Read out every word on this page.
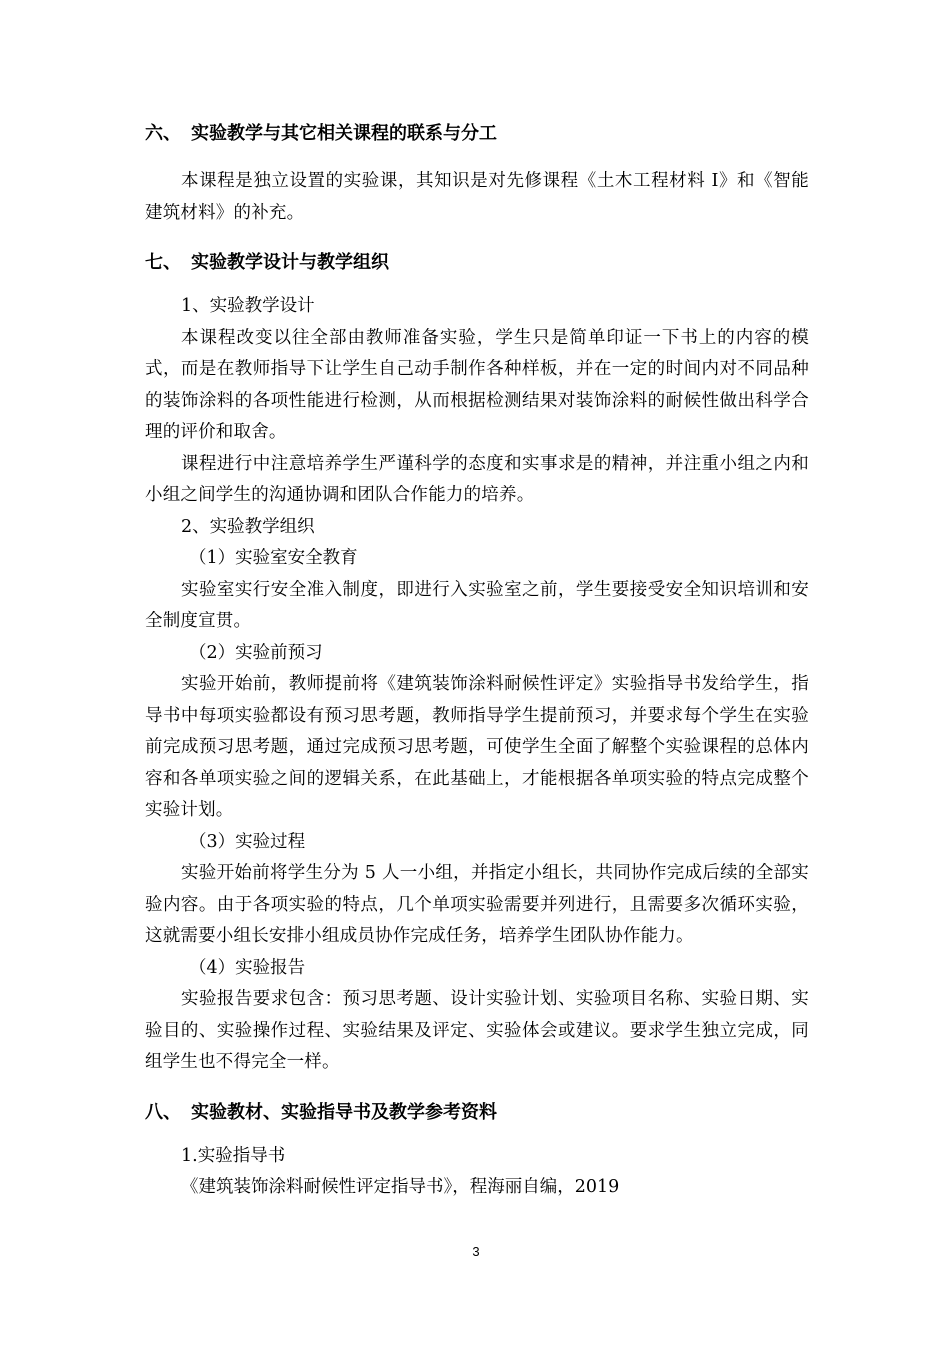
六、 实验教学与其它相关课程的联系与分工

本课程是独立设置的实验课，其知识是对先修课程《土木工程材料 I》和《智能建筑材料》的补充。

七、 实验教学设计与教学组织

1、实验教学设计

本课程改变以往全部由教师准备实验，学生只是简单印证一下书上的内容的模式，而是在教师指导下让学生自己动手制作各种样板，并在一定的时间内对不同品种的装饰涂料的各项性能进行检测，从而根据检测结果对装饰涂料的耐候性做出科学合理的评价和取舍。

课程进行中注意培养学生严谨科学的态度和实事求是的精神，并注重小组之内和小组之间学生的沟通协调和团队合作能力的培养。

2、实验教学组织

（1）实验室安全教育

实验室实行安全准入制度，即进行入实验室之前，学生要接受安全知识培训和安全制度宣贯。

（2）实验前预习

实验开始前，教师提前将《建筑装饰涂料耐候性评定》实验指导书发给学生，指导书中每项实验都设有预习思考题，教师指导学生提前预习，并要求每个学生在实验前完成预习思考题，通过完成预习思考题，可使学生全面了解整个实验课程的总体内容和各单项实验之间的逻辑关系，在此基础上，才能根据各单项实验的特点完成整个实验计划。

（3）实验过程

实验开始前将学生分为 5 人一小组，并指定小组长，共同协作完成后续的全部实验内容。由于各项实验的特点，几个单项实验需要并列进行，且需要多次循环实验，这就需要小组长安排小组成员协作完成任务，培养学生团队协作能力。

（4）实验报告

实验报告要求包含：预习思考题、设计实验计划、实验项目名称、实验日期、实验目的、实验操作过程、实验结果及评定、实验体会或建议。要求学生独立完成，同组学生也不得完全一样。

八、 实验教材、实验指导书及教学参考资料

1.实验指导书

《建筑装饰涂料耐候性评定指导书》，程海丽自编，2019

3
